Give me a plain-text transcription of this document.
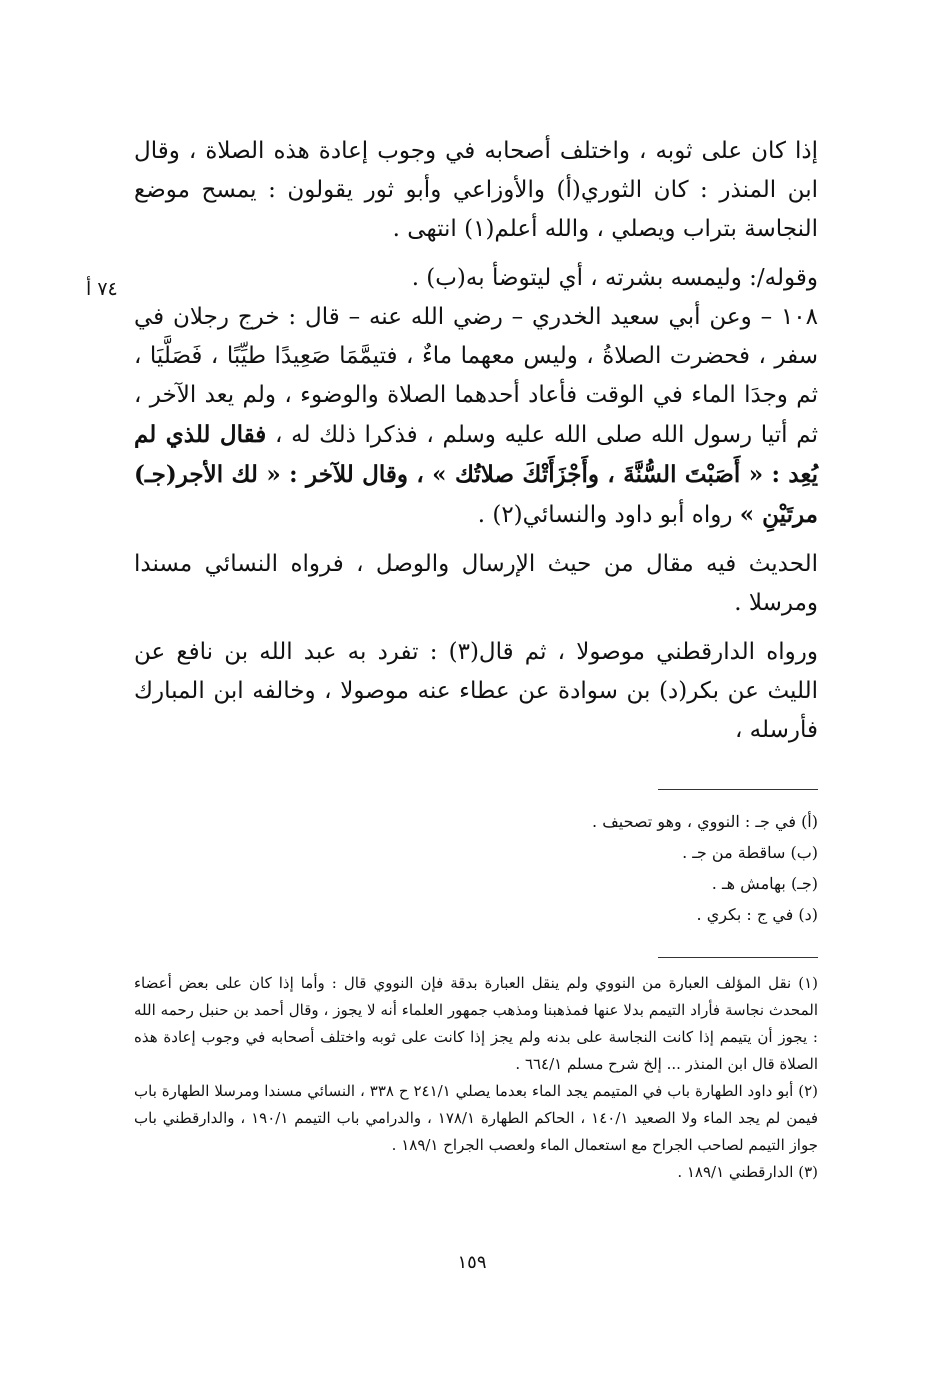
٧٤ أ

إذا كان على ثوبه ، واختلف أصحابه في وجوب إعادة هذه الصلاة ، وقال ابن المنذر : كان الثوري(أ) والأوزاعي وأبو ثور يقولون : يمسح موضع النجاسة بتراب ويصلي ، والله أعلم(١) انتهى .

وقوله/: وليمسه بشرته ، أي ليتوضأ به(ب) .

١٠٨ – وعن أبي سعيد الخدري – رضي الله عنه – قال : خرج رجلان في سفر ، فحضرت الصلاةُ ، وليس معهما ماءٌ ، فتيمَّمَا صَعِيدًا طيِّبًا ، فَصَلَّيَا ، ثم وجدَا الماء في الوقت فأعاد أحدهما الصلاة والوضوء ، ولم يعد الآخر ، ثم أتيا رسول الله صلى الله عليه وسلم ، فذكرا ذلك له ، فقال للذي لم يُعِد : « أَصَبْتَ السُّنَّةَ ، وأَجْزَأَتْكَ صلاتُك » ، وقال للآخر : « لك الأجر(جـ) مرتَيْنِ » رواه أبو داود والنسائي(٢) .

الحديث فيه مقال من حيث الإرسال والوصل ، فرواه النسائي مسندا ومرسلا .

ورواه الدارقطني موصولا ، ثم قال(٣) : تفرد به عبد الله بن نافع عن الليث عن بكر(د) بن سوادة عن عطاء عنه موصولا ، وخالفه ابن المبارك فأرسله ،

(أ) في جـ : النووي ، وهو تصحيف .
(ب) ساقطة من جـ .
(جـ) بهامش هـ .
(د) في ج : بكري .

(١) نقل المؤلف العبارة من النووي ولم ينقل العبارة بدقة فإن النووي قال : وأما إذا كان على بعض أعضاء المحدث نجاسة فأراد التيمم بدلا عنها فمذهبنا ومذهب جمهور العلماء أنه لا يجوز ، وقال أحمد بن حنبل رحمه الله : يجوز أن يتيمم إذا كانت النجاسة على بدنه ولم يجز إذا كانت على ثوبه واختلف أصحابه في وجوب إعادة هذه الصلاة قال ابن المنذر ... إلخ شرح مسلم ٦٦٤/١ .

(٢) أبو داود الطهارة باب في المتيمم يجد الماء بعدما يصلي ٢٤١/١ ح ٣٣٨ ، النسائي مسندا ومرسلا الطهارة باب فيمن لم يجد الماء ولا الصعيد ١٤٠/١ ، الحاكم الطهارة ١٧٨/١ ، والدرامي باب التيمم ١٩٠/١ ، والدارقطني باب جواز التيمم لصاحب الجراح مع استعمال الماء ولعصب الجراح ١٨٩/١ .

(٣) الدارقطني ١٨٩/١ .

١٥٩
